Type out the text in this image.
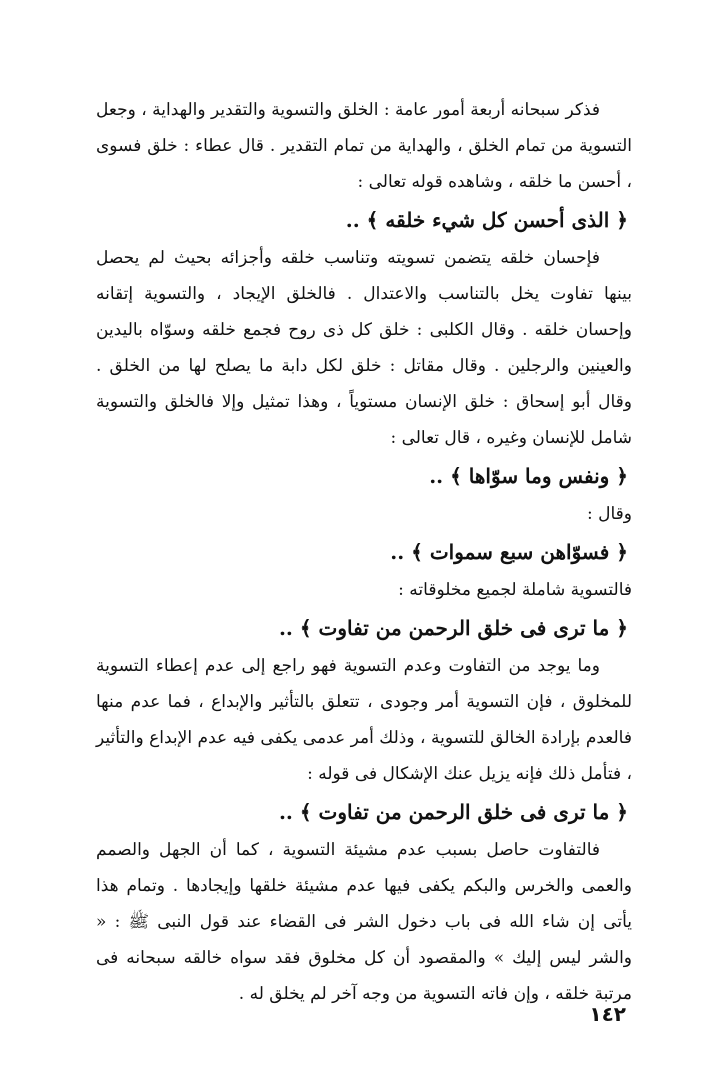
فذكر سبحانه أربعة أمور عامة : الخلق والتسوية والتقدير والهداية ، وجعل التسوية من تمام الخلق ، والهداية من تمام التقدير . قال عطاء : خلق فسوى ، أحسن ما خلقه ، وشاهده قوله تعالى :

﴿ الذى أحسن كل شيء خلقه ﴾ ..

فإحسان خلقه يتضمن تسويته وتناسب خلقه وأجزائه بحيث لم يحصل بينها تفاوت يخل بالتناسب والاعتدال . فالخلق الإيجاد ، والتسوية إتقانه وإحسان خلقه . وقال الكلبى : خلق كل ذى روح فجمع خلقه وسوّاه باليدين والعينين والرجلين . وقال مقاتل : خلق لكل دابة ما يصلح لها من الخلق . وقال أبو إسحاق : خلق الإنسان مستوياً ، وهذا تمثيل وإلا فالخلق والتسوية شامل للإنسان وغيره ، قال تعالى :

﴿ ونفس وما سوّاها ﴾ ..

وقال :

﴿ فسوّاهن سبع سموات ﴾ ..

فالتسوية شاملة لجميع مخلوقاته :

﴿ ما ترى فى خلق الرحمن من تفاوت ﴾ ..

وما يوجد من التفاوت وعدم التسوية فهو راجع إلى عدم إعطاء التسوية للمخلوق ، فإن التسوية أمر وجودى ، تتعلق بالتأثير والإبداع ، فما عدم منها فالعدم بإرادة الخالق للتسوية ، وذلك أمر عدمى يكفى فيه عدم الإبداع والتأثير ، فتأمل ذلك فإنه يزيل عنك الإشكال فى قوله :

﴿ ما ترى فى خلق الرحمن من تفاوت ﴾ ..

فالتفاوت حاصل بسبب عدم مشيئة التسوية ، كما أن الجهل والصمم والعمى والخرس والبكم يكفى فيها عدم مشيئة خلقها وإيجادها . وتمام هذا يأتى إن شاء الله فى باب دخول الشر فى القضاء عند قول النبى ﷺ : « والشر ليس إليك » والمقصود أن كل مخلوق فقد سواه خالقه سبحانه فى مرتبة خلقه ، وإن فاته التسوية من وجه آخر لم يخلق له .

١٤٢
